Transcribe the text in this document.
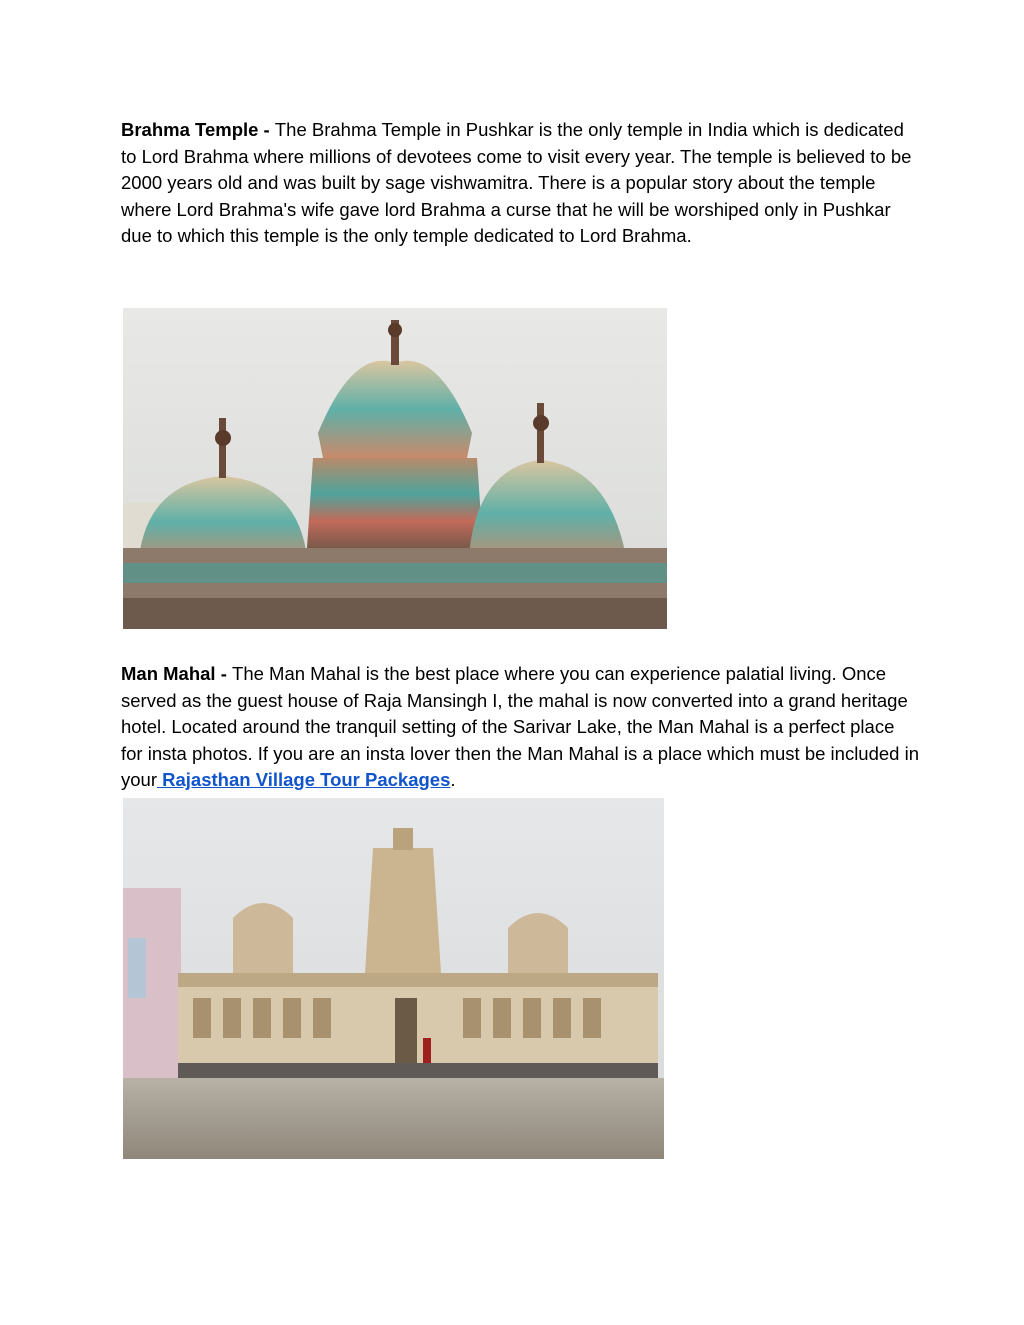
Brahma Temple - The Brahma Temple in Pushkar is the only temple in India which is dedicated to Lord Brahma where millions of devotees come to visit every year. The temple is believed to be 2000 years old and was built by sage vishwamitra. There is a popular story about the temple where Lord Brahma's wife gave lord Brahma a curse that he will be worshiped only in Pushkar due to which this temple is the only temple dedicated to Lord Brahma.

Man Mahal - The Man Mahal is the best place where you can experience palatial living. Once served as the guest house of Raja Mansingh I, the mahal is now converted into a grand heritage hotel. Located around the tranquil setting of the Sarivar Lake, the Man Mahal is a perfect place for insta photos. If you are an insta lover then the Man Mahal is a place which must be included in your Rajasthan Village Tour Packages.
